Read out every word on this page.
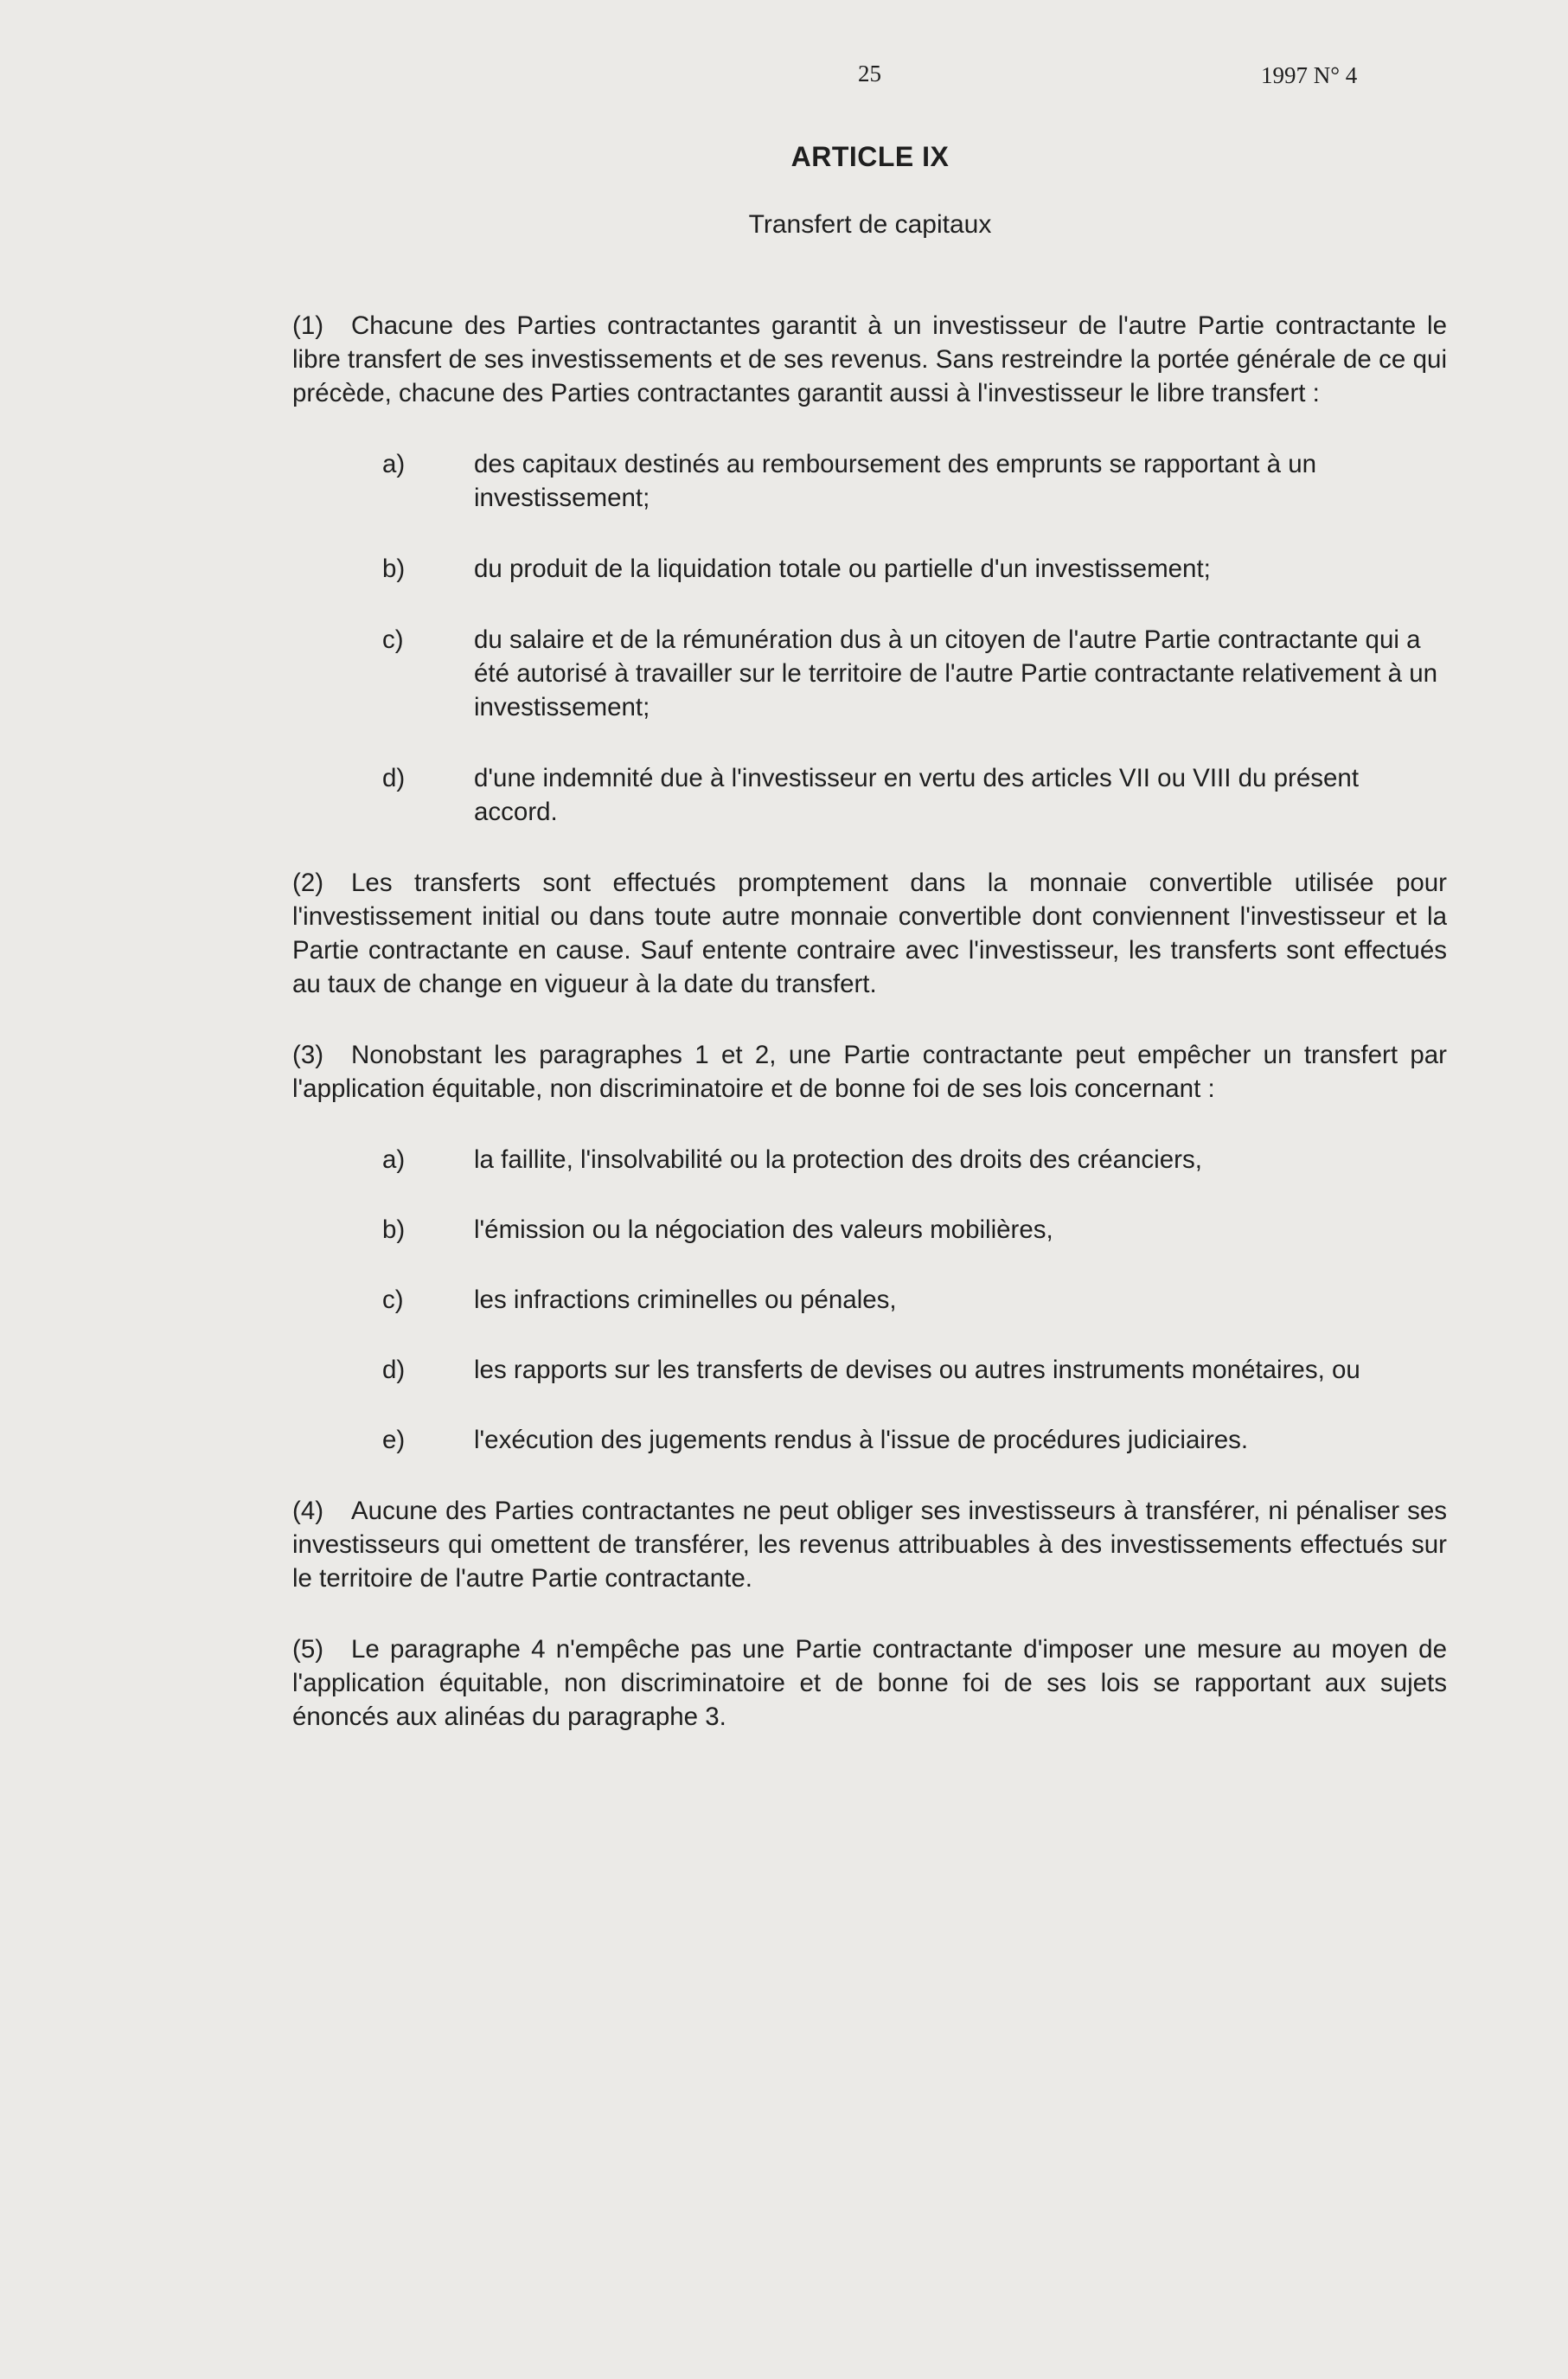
25	1997 N° 4
ARTICLE IX
Transfert de capitaux

(1) Chacune des Parties contractantes garantit à un investisseur de l'autre Partie contractante le libre transfert de ses investissements et de ses revenus. Sans restreindre la portée générale de ce qui précède, chacune des Parties contractantes garantit aussi à l'investisseur le libre transfert :

a)	des capitaux destinés au remboursement des emprunts se rapportant à un investissement;
b)	du produit de la liquidation totale ou partielle d'un investissement;
c)	du salaire et de la rémunération dus à un citoyen de l'autre Partie contractante qui a été autorisé à travailler sur le territoire de l'autre Partie contractante relativement à un investissement;
d)	d'une indemnité due à l'investisseur en vertu des articles VII ou VIII du présent accord.

(2) Les transferts sont effectués promptement dans la monnaie convertible utilisée pour l'investissement initial ou dans toute autre monnaie convertible dont conviennent l'investisseur et la Partie contractante en cause. Sauf entente contraire avec l'investisseur, les transferts sont effectués au taux de change en vigueur à la date du transfert.

(3) Nonobstant les paragraphes 1 et 2, une Partie contractante peut empêcher un transfert par l'application équitable, non discriminatoire et de bonne foi de ses lois concernant :

a)	la faillite, l'insolvabilité ou la protection des droits des créanciers,
b)	l'émission ou la négociation des valeurs mobilières,
c)	les infractions criminelles ou pénales,
d)	les rapports sur les transferts de devises ou autres instruments monétaires, ou
e)	l'exécution des jugements rendus à l'issue de procédures judiciaires.

(4) Aucune des Parties contractantes ne peut obliger ses investisseurs à transférer, ni pénaliser ses investisseurs qui omettent de transférer, les revenus attribuables à des investissements effectués sur le territoire de l'autre Partie contractante.

(5) Le paragraphe 4 n'empêche pas une Partie contractante d'imposer une mesure au moyen de l'application équitable, non discriminatoire et de bonne foi de ses lois se rapportant aux sujets énoncés aux alinéas du paragraphe 3.
